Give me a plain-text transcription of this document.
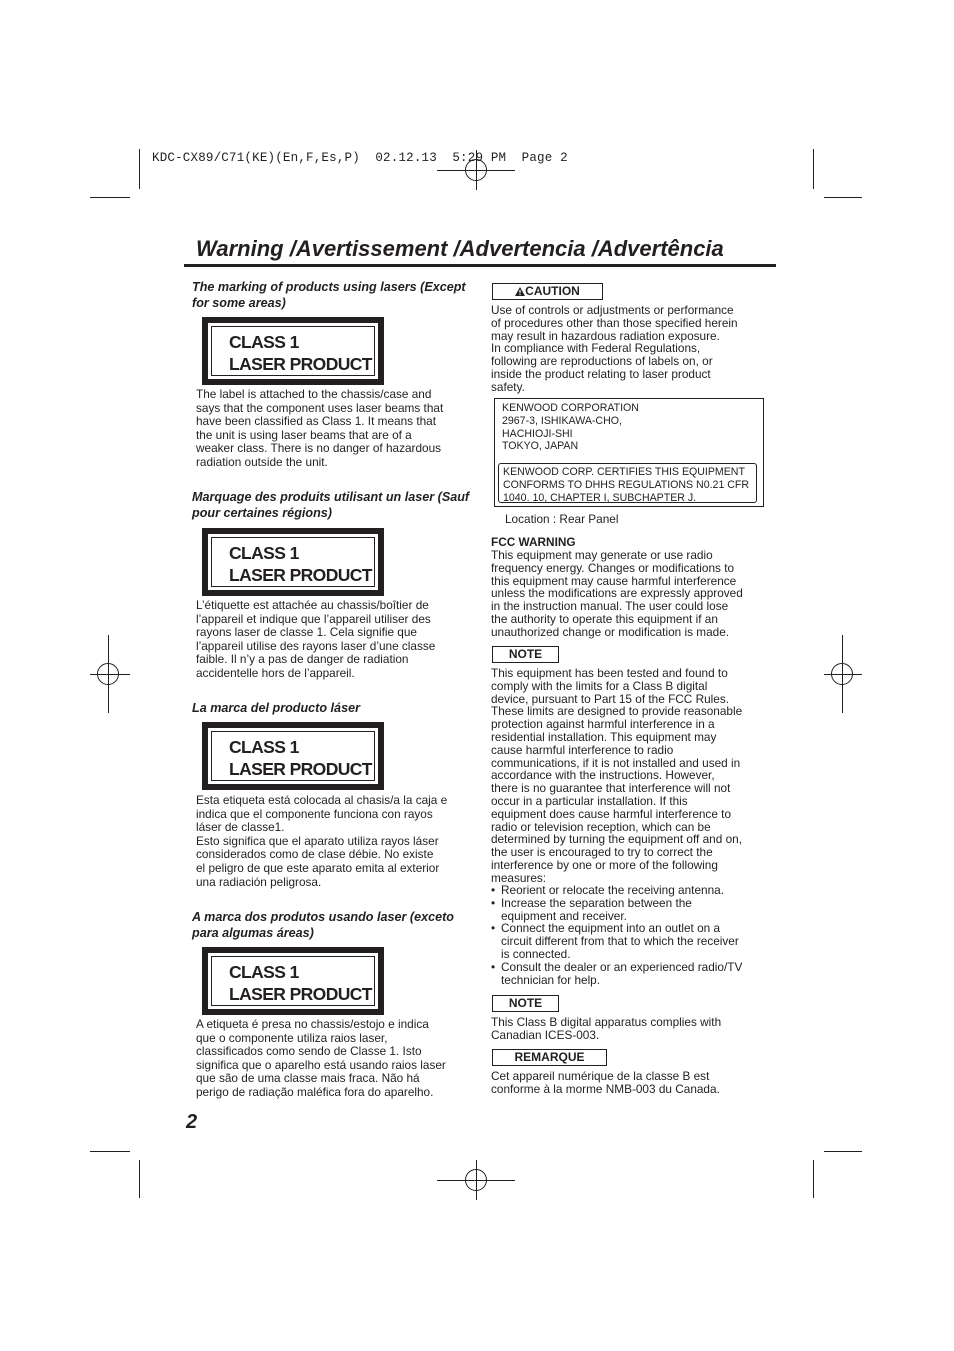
KDC-CX89/C71(KE)(En,F,Es,P)  02.12.13  5:29 PM  Page 2
Warning /Avertissement /Advertencia /Advertência
The marking of products using lasers (Except for some areas)
CLASS 1
LASER PRODUCT
The label is attached to the chassis/case and
says that the component uses laser beams that
have been classified as Class 1. It means that
the unit is using laser beams that are of a
weaker class. There is no danger of hazardous
radiation outside the unit.
Marquage des produits utilisant un laser (Sauf pour certaines régions)
CLASS 1
LASER PRODUCT
L’étiquette est attachée au chassis/boîtier de
l’appareil et indique que l’appareil utiliser des
rayons laser de classe 1. Cela signifie que
l’appareil utilise des rayons laser d’une classe
faible. Il n’y a pas de danger de radiation
accidentelle hors de l’appareil.
La marca del producto láser
CLASS 1
LASER PRODUCT
Esta etiqueta está colocada al chasis/a la caja e
indica que el componente funciona con rayos
láser de classe1.
Esto significa que el aparato utiliza rayos láser
considerados como de clase débie. No existe
el peligro de que este aparato emita al exterior
una radiación peligrosa.
A marca dos produtos usando laser (exceto para algumas áreas)
CLASS 1
LASER PRODUCT
A etiqueta é presa no chassis/estojo e indica
que o componente utiliza raios laser,
classificados como sendo de Classe 1. Isto
significa que o aparelho está usando raios laser
que são de uma classe mais fraca. Não há
perigo de radiação maléfica fora do aparelho.
CAUTION
Use of controls or adjustments or performance
of procedures other than those specified herein
may result in hazardous radiation exposure.
In compliance with Federal Regulations,
following are reproductions of labels on, or
inside the product relating to laser product
safety.
KENWOOD CORPORATION
2967-3, ISHIKAWA-CHO,
HACHIOJI-SHI
TOKYO, JAPAN
KENWOOD CORP. CERTIFIES THIS EQUIPMENT
CONFORMS TO DHHS REGULATIONS N0.21 CFR
1040. 10, CHAPTER I, SUBCHAPTER J.
Location : Rear Panel
FCC WARNING
This equipment may generate or use radio
frequency energy. Changes or modifications to
this equipment may cause harmful interference
unless the modifications are expressly approved
in the instruction manual. The user could lose
the authority to operate this equipment if an
unauthorized change or modification is made.
NOTE
This equipment has been tested and found to
comply with the limits for a Class B digital
device, pursuant to Part 15 of the FCC Rules.
These limits are designed to provide reasonable
protection against harmful interference in a
residential installation. This equipment may
cause harmful interference to radio
communications, if it is not installed and used in
accordance with the instructions. However,
there is no guarantee that interference will not
occur in a particular installation. If this
equipment does cause harmful interference to
radio or television reception, which can be
determined by turning the equipment off and on,
the user is encouraged to try to correct the
interference by one or more of the following
measures:
• Reorient or relocate the receiving antenna.
• Increase the separation between the
equipment and receiver.
• Connect the equipment into an outlet on a
circuit different from that to which the receiver
is connected.
• Consult the dealer or an experienced radio/TV
technician for help.
NOTE
This Class B digital apparatus complies with
Canadian ICES-003.
REMARQUE
Cet appareil numérique de la classe B est
conforme à la morme NMB-003 du Canada.
2
